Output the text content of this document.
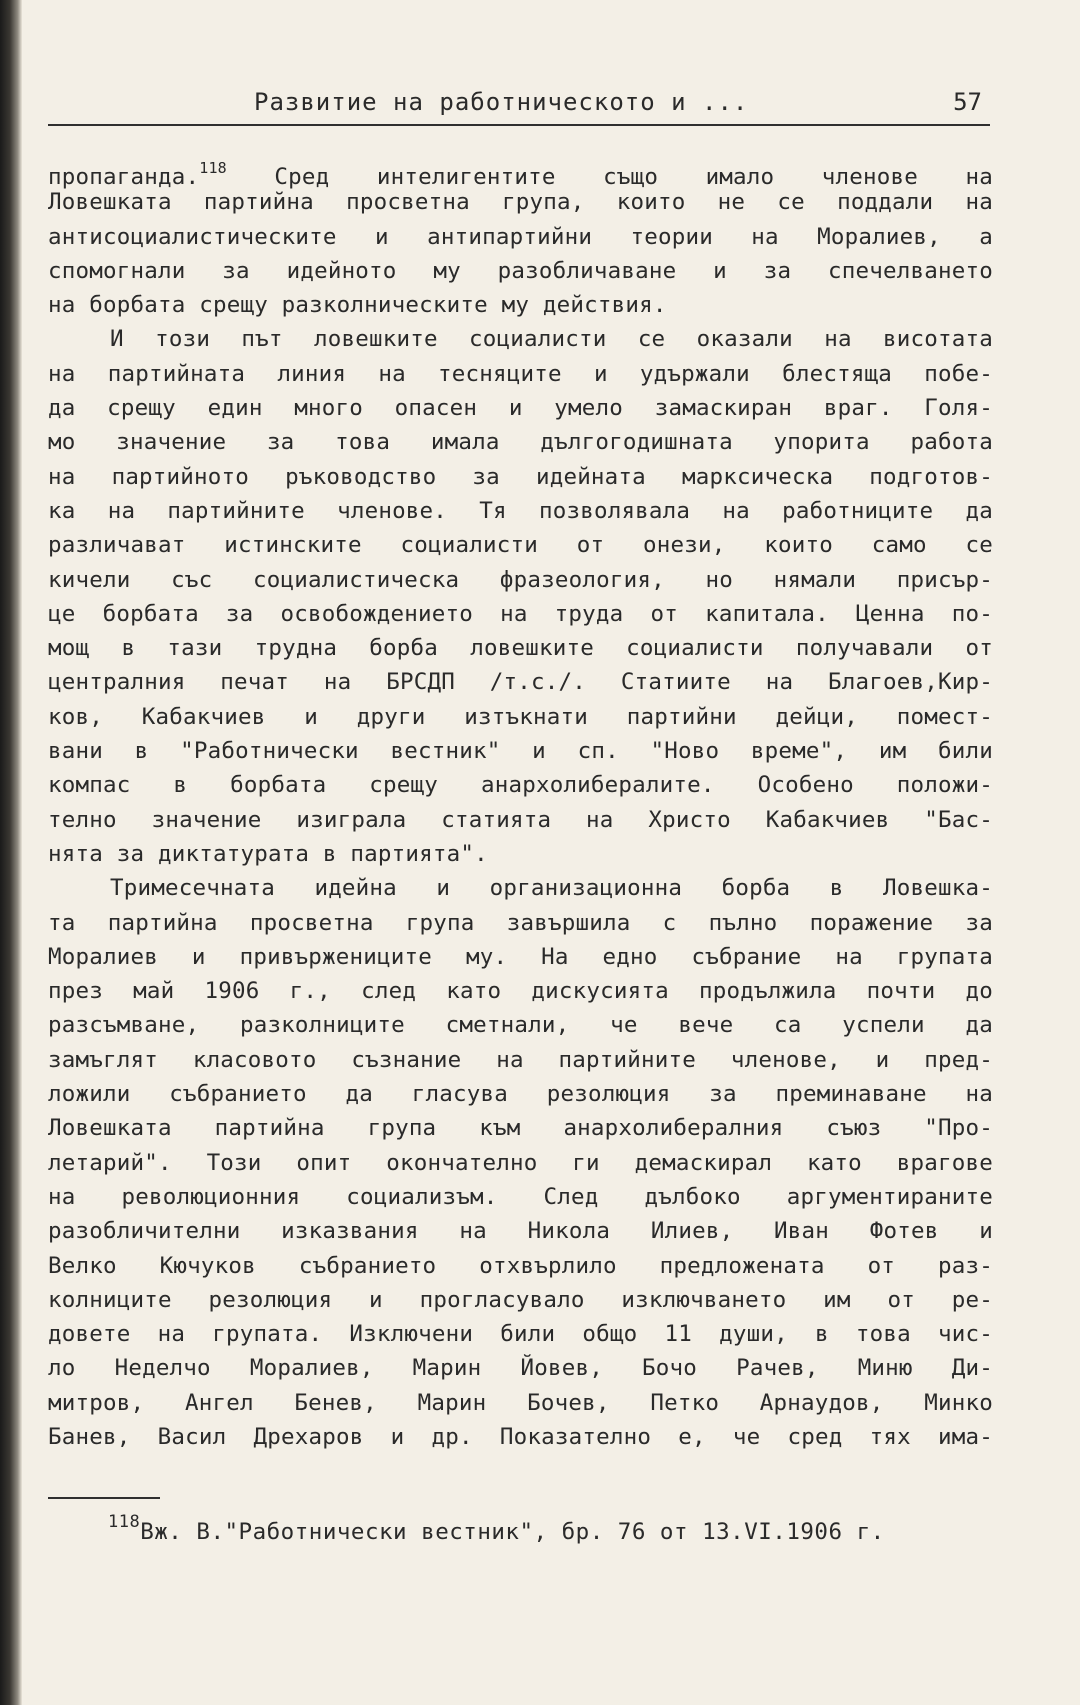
Развитие на работническото и ...	57
пропаганда.$^{118}$ Сред интелигентите също имало членове на
Ловешката партийна просветна група, които не се поддали на
антисоциалистическите и антипартийни теории на Моралиев, а
спомогнали за идейното му разобличаване и за спечелването
на борбата срещу разколническите му действия.
И този път ловешките социалисти се оказали на висотата
на партийната линия на тесняците и удържали блестяща побе-
да срещу един много опасен и умело замаскиран враг. Голя-
мо значение за това имала дългогодишната упорита работа
на партийното ръководство за идейната марксическа подготов-
ка на партийните членове. Тя позволявала на работниците да
различават истинските социалисти от онези, които само се
кичели със социалистическа фразеология, но нямали присър-
це борбата за освобождението на труда от капитала. Ценна по-
мощ в тази трудна борба ловешките социалисти получавали от
централния печат на БРСДП /т.с./. Статиите на Благоев,Кир-
ков, Кабакчиев и други изтъкнати партийни дейци, помест-
вани в "Работнически вестник" и сп. "Ново време", им били
компас в борбата срещу анархолибералите. Особено положи-
телно значение изиграла статията на Христо Кабакчиев "Бас-
нята за диктатурата в партията".
Тримесечната идейна и организационна борба в Ловешка-
та партийна просветна група завършила с пълно поражение за
Моралиев и привържениците му. На едно събрание на групата
през май 1906 г., след като дискусията продължила почти до
разсъмване, разколниците сметнали, че вече са успели да
замъглят класовото съзнание на партийните членове, и пред-
ложили събранието да гласува резолюция за преминаване на
Ловешката партийна група към анархолибералния съюз "Про-
летарий". Този опит окончателно ги демаскирал като врагове
на революционния социализъм. След дълбоко аргументираните
разобличителни изказвания на Никола Илиев, Иван Фотев и
Велко Кючуков събранието отхвърлило предложената от раз-
колниците резолюция и прогласувало изключването им от ре-
довете на групата. Изключени били общо 11 души, в това чис-
ло Неделчо Моралиев, Марин Йовев, Бочо Рачев, Миню Ди-
митров, Ангел Бенев, Марин Бочев, Петко Арнаудов, Минко
Банев, Васил Дрехаров и др. Показателно е, че сред тях има-
$^{118}$Вж. В."Работнически вестник", бр. 76 от 13.VI.1906 г.
